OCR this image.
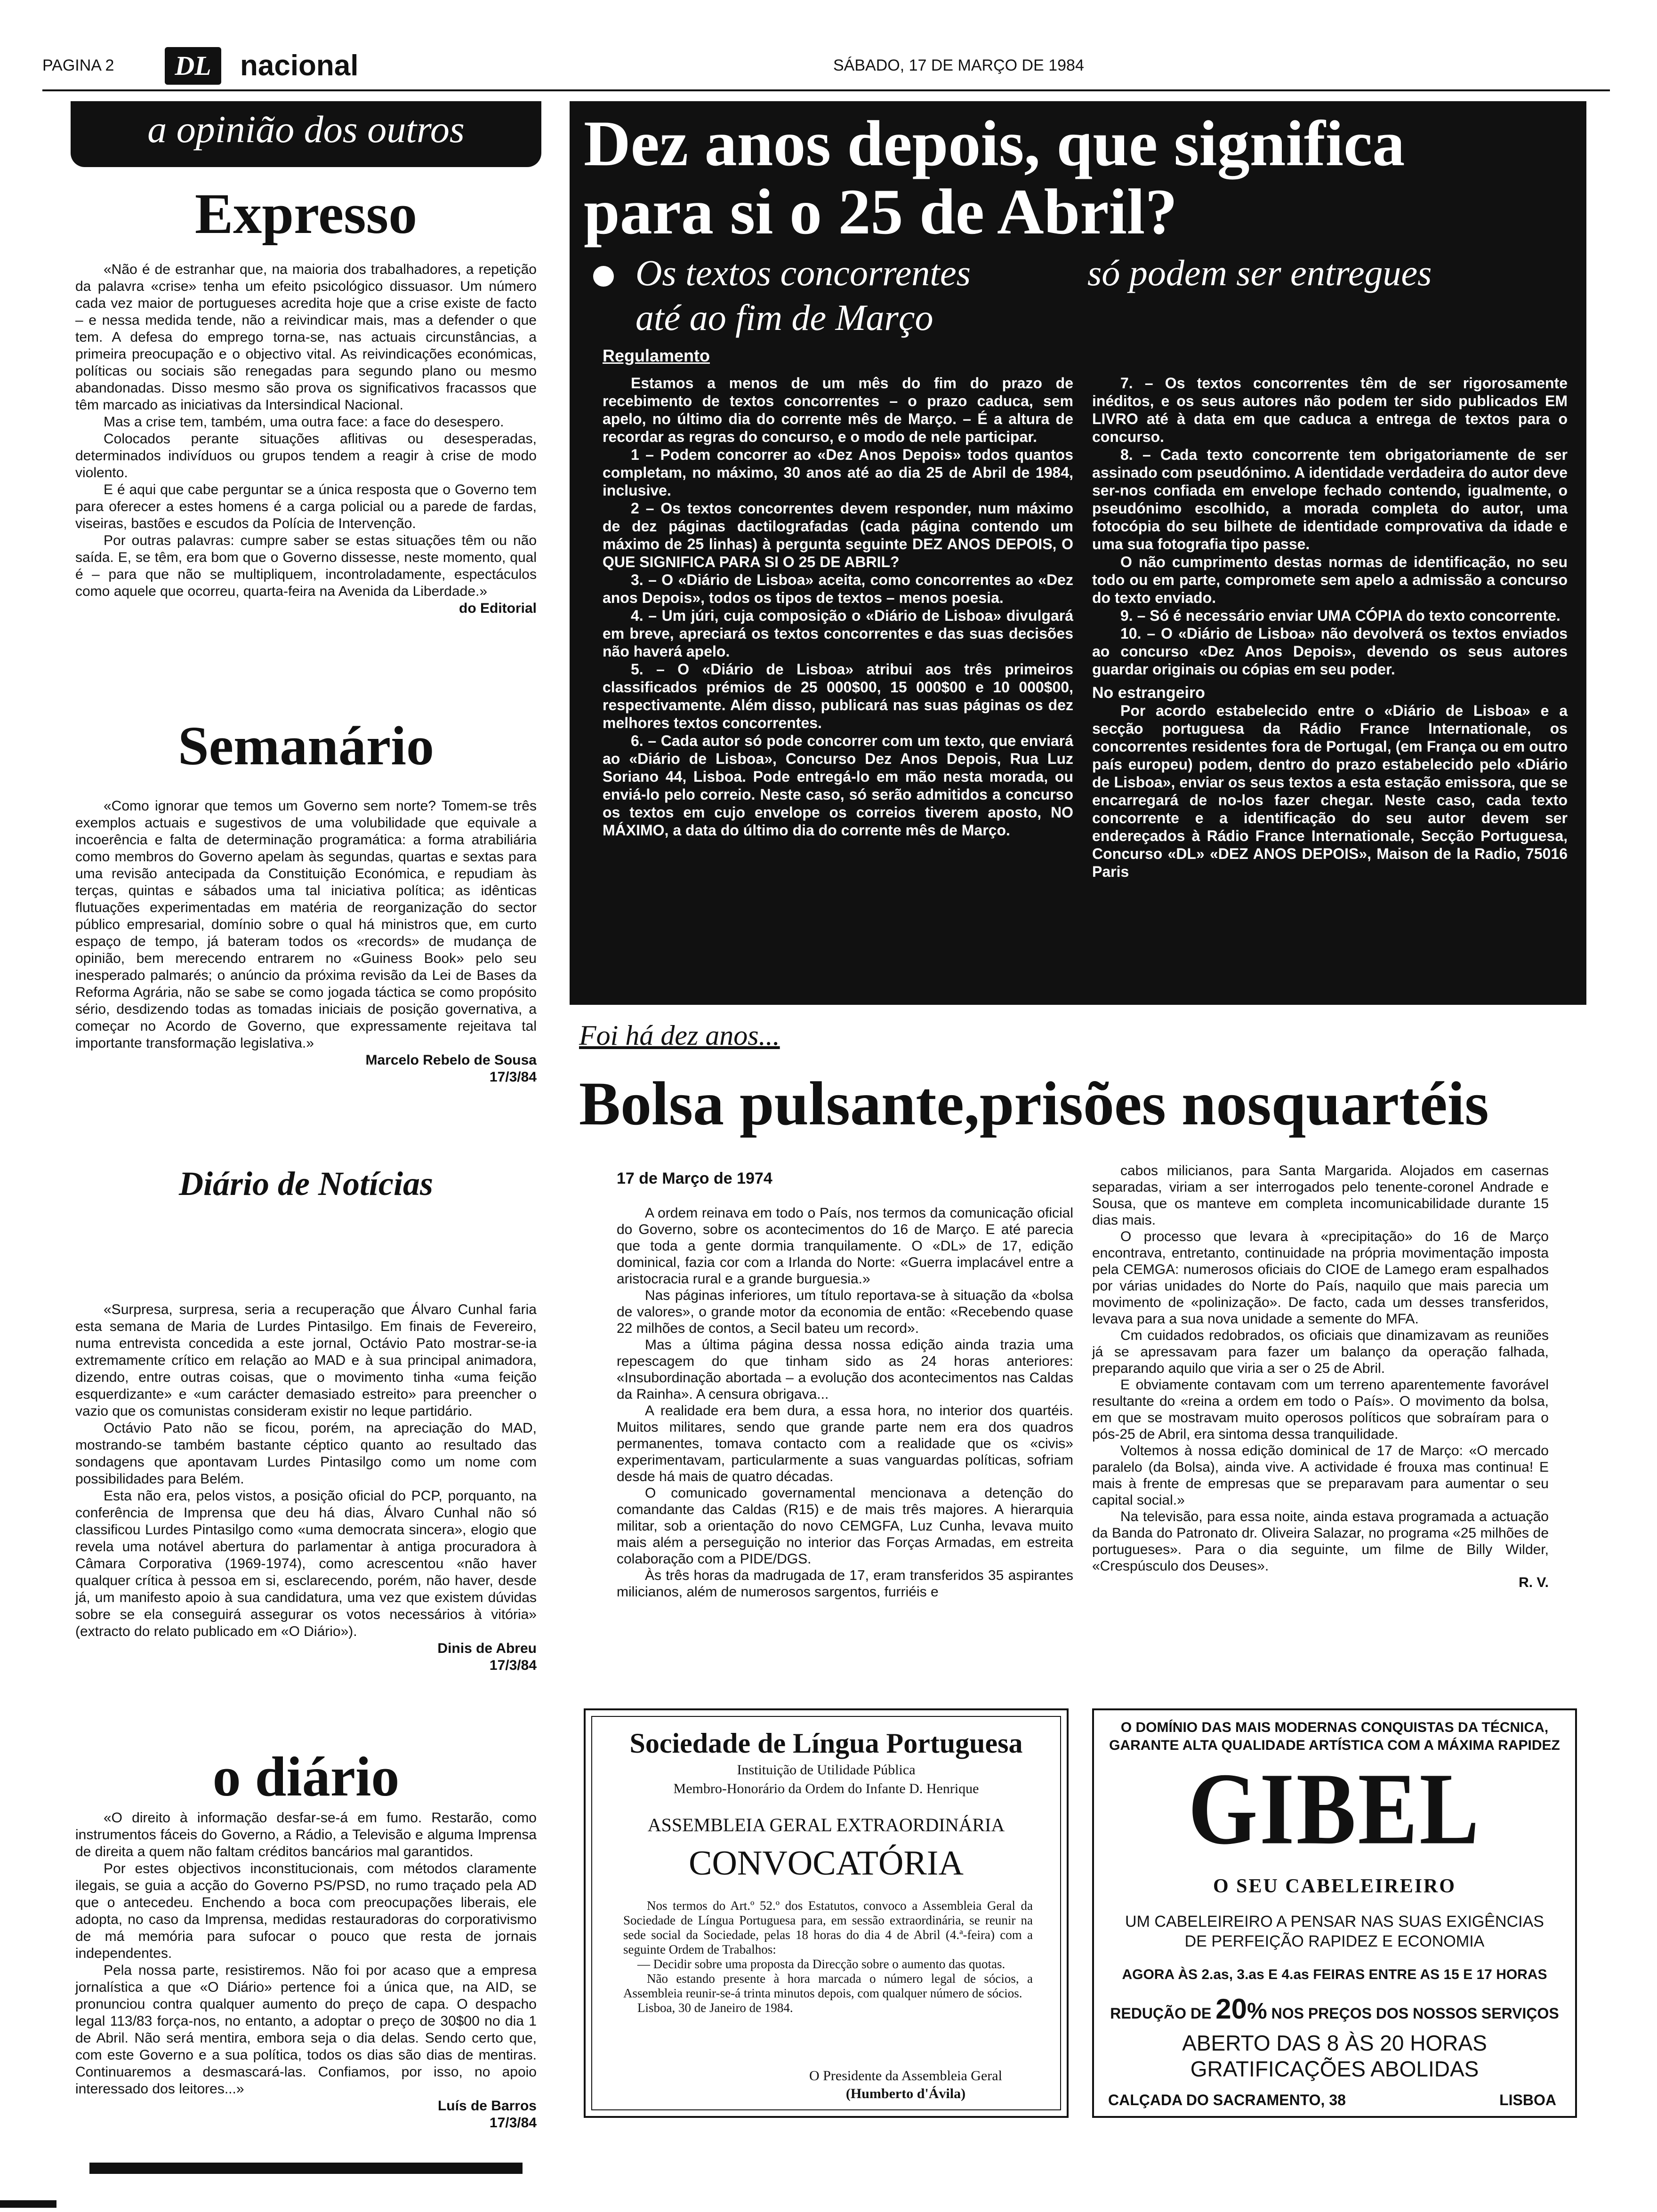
PAGINA 2	DL nacional	SÁBADO, 17 DE MARÇO DE 1984
a opinião dos outros
Expresso

«Não é de estranhar que, na maioria dos trabalhadores, a repetição da palavra «crise» tenha um efeito psicológico dissuasor. Um número cada vez maior de portugueses acredita hoje que a crise existe de facto – e nessa medida tende, não a reivindicar mais, mas a defender o que tem. A defesa do emprego torna-se, nas actuais circunstâncias, a primeira preocupação e o objectivo vital. As reivindicações económicas, políticas ou sociais são renegadas para segundo plano ou mesmo abandonadas. Disso mesmo são prova os significativos fracassos que têm marcado as iniciativas da Intersindical Nacional.

Mas a crise tem, também, uma outra face: a face do desespero.

Colocados perante situações aflitivas ou desesperadas, determinados indivíduos ou grupos tendem a reagir à crise de modo violento.

E é aqui que cabe perguntar se a única resposta que o Governo tem para oferecer a estes homens é a carga policial ou a parede de fardas, viseiras, bastões e escudos da Polícia de Intervenção.

Por outras palavras: cumpre saber se estas situações têm ou não saída. E, se têm, era bom que o Governo dissesse, neste momento, qual é – para que não se multipliquem, incontroladamente, espectáculos como aquele que ocorreu, quarta-feira na Avenida da Liberdade.»

do Editorial
Semanário

«Como ignorar que temos um Governo sem norte? Tomem-se três exemplos actuais e sugestivos de uma volubilidade que equivale a incoerência e falta de determinação programática: a forma atrabiliária como membros do Governo apelam às segundas, quartas e sextas para uma revisão antecipada da Constituição Económica, e repudiam às terças, quintas e sábados uma tal iniciativa política; as idênticas flutuações experimentadas em matéria de reorganização do sector público empresarial, domínio sobre o qual há ministros que, em curto espaço de tempo, já bateram todos os «records» de mudança de opinião, bem merecendo entrarem no «Guiness Book» pelo seu inesperado palmarés; o anúncio da próxima revisão da Lei de Bases da Reforma Agrária, não se sabe se como jogada táctica se como propósito sério, desdizendo todas as tomadas iniciais de posição governativa, a começar no Acordo de Governo, que expressamente rejeitava tal importante transformação legislativa.»

Marcelo Rebelo de Sousa
17/3/84
Diário de Notícias

«Surpresa, surpresa, seria a recuperação que Álvaro Cunhal faria esta semana de Maria de Lurdes Pintasilgo. Em finais de Fevereiro, numa entrevista concedida a este jornal, Octávio Pato mostrar-se-ia extremamente crítico em relação ao MAD e à sua principal animadora, dizendo, entre outras coisas, que o movimento tinha «uma feição esquerdizante» e «um carácter demasiado estreito» para preencher o vazio que os comunistas consideram existir no leque partidário.

Octávio Pato não se ficou, porém, na apreciação do MAD, mostrando-se também bastante céptico quanto ao resultado das sondagens que apontavam Lurdes Pintasilgo como um nome com possibilidades para Belém.

Esta não era, pelos vistos, a posição oficial do PCP, porquanto, na conferência de Imprensa que deu há dias, Álvaro Cunhal não só classificou Lurdes Pintasilgo como «uma democrata sincera», elogio que revela uma notável abertura do parlamentar à antiga procuradora à Câmara Corporativa (1969-1974), como acrescentou «não haver qualquer crítica à pessoa em si, esclarecendo, porém, não haver, desde já, um manifesto apoio à sua candidatura, uma vez que existem dúvidas sobre se ela conseguirá assegurar os votos necessários à vitória» (extracto do relato publicado em «O Diário»).

Dinis de Abreu
17/3/84
o diário

«O direito à informação desfar-se-á em fumo. Restarão, como instrumentos fáceis do Governo, a Rádio, a Televisão e alguma Imprensa de direita a quem não faltam créditos bancários mal garantidos.

Por estes objectivos inconstitucionais, com métodos claramente ilegais, se guia a acção do Governo PS/PSD, no rumo traçado pela AD que o antecedeu. Enchendo a boca com preocupações liberais, ele adopta, no caso da Imprensa, medidas restauradoras do corporativismo de má memória para sufocar o pouco que resta de jornais independentes.

Pela nossa parte, resistiremos. Não foi por acaso que a empresa jornalística a que «O Diário» pertence foi a única que, na AID, se pronunciou contra qualquer aumento do preço de capa. O despacho legal 113/83 força-nos, no entanto, a adoptar o preço de 30$00 no dia 1 de Abril. Não será mentira, embora seja o dia delas. Sendo certo que, com este Governo e a sua política, todos os dias são dias de mentiras. Continuaremos a desmascará-las. Confiamos, por isso, no apoio interessado dos leitores...»

Luís de Barros
17/3/84
Dez anos depois, que significa
para si o 25 de Abril?
Os textos concorrentes	só podem ser entregues
até ao fim de Março
Regulamento

Estamos a menos de um mês do fim do prazo de recebimento de textos concorrentes – o prazo caduca, sem apelo, no último dia do corrente mês de Março. – É a altura de recordar as regras do concurso, e o modo de nele participar.

1 – Podem concorrer ao «Dez Anos Depois» todos quantos completam, no máximo, 30 anos até ao dia 25 de Abril de 1984, inclusive.

2 – Os textos concorrentes devem responder, num máximo de dez páginas dactilografadas (cada página contendo um máximo de 25 linhas) à pergunta seguinte DEZ ANOS DEPOIS, O QUE SIGNIFICA PARA SI O 25 DE ABRIL?

3. – O «Diário de Lisboa» aceita, como concorrentes ao «Dez anos Depois», todos os tipos de textos – menos poesia.

4. – Um júri, cuja composição o «Diário de Lisboa» divulgará em breve, apreciará os textos concorrentes e das suas decisões não haverá apelo.

5. – O «Diário de Lisboa» atribui aos três primeiros classificados prémios de 25 000$00, 15 000$00 e 10 000$00, respectivamente. Além disso, publicará nas suas páginas os dez melhores textos concorrentes.

6. – Cada autor só pode concorrer com um texto, que enviará ao «Diário de Lisboa», Concurso Dez Anos Depois, Rua Luz Soriano 44, Lisboa. Pode entregá-lo em mão nesta morada, ou enviá-lo pelo correio. Neste caso, só serão admitidos a concurso os textos em cujo envelope os correios tiverem aposto, NO MÁXIMO, a data do último dia do corrente mês de Março.

7. – Os textos concorrentes têm de ser rigorosamente inéditos, e os seus autores não podem ter sido publicados EM LIVRO até à data em que caduca a entrega de textos para o concurso.

8. – Cada texto concorrente tem obrigatoriamente de ser assinado com pseudónimo. A identidade verdadeira do autor deve ser-nos confiada em envelope fechado contendo, igualmente, o pseudónimo escolhido, a morada completa do autor, uma fotocópia do seu bilhete de identidade comprovativa da idade e uma sua fotografia tipo passe.

O não cumprimento destas normas de identificação, no seu todo ou em parte, compromete sem apelo a admissão a concurso do texto enviado.

9. – Só é necessário enviar UMA CÓPIA do texto concorrente.

10. – O «Diário de Lisboa» não devolverá os textos enviados ao concurso «Dez Anos Depois», devendo os seus autores guardar originais ou cópias em seu poder.

No estrangeiro

Por acordo estabelecido entre o «Diário de Lisboa» e a secção portuguesa da Rádio France Internationale, os concorrentes residentes fora de Portugal, (em França ou em outro país europeu) podem, dentro do prazo estabelecido pelo «Diário de Lisboa», enviar os seus textos a esta estação emissora, que se encarregará de no-los fazer chegar. Neste caso, cada texto concorrente e a identificação do seu autor devem ser endereçados à Rádio France Internationale, Secção Portuguesa, Concurso «DL» «DEZ ANOS DEPOIS», Maison de la Radio, 75016 Paris

Foi há dez anos...
Bolsa pulsante,prisões nosquartéis
17 de Março de 1974

A ordem reinava em todo o País, nos termos da comunicação oficial do Governo, sobre os acontecimentos do 16 de Março. E até parecia que toda a gente dormia tranquilamente. O «DL» de 17, edição dominical, fazia cor com a Irlanda do Norte: «Guerra implacável entre a aristocracia rural e a grande burguesia.»

Nas páginas inferiores, um título reportava-se à situação da «bolsa de valores», o grande motor da economia de então: «Recebendo quase 22 milhões de contos, a Secil bateu um record».

Mas a última página dessa nossa edição ainda trazia uma repescagem do que tinham sido as 24 horas anteriores: «Insubordinação abortada – a evolução dos acontecimentos nas Caldas da Rainha». A censura obrigava...

A realidade era bem dura, a essa hora, no interior dos quartéis. Muitos militares, sendo que grande parte nem era dos quadros permanentes, tomava contacto com a realidade que os «civis» experimentavam, particularmente a suas vanguardas políticas, sofriam desde há mais de quatro décadas.

O comunicado governamental mencionava a detenção do comandante das Caldas (R15) e de mais três majores. A hierarquia militar, sob a orientação do novo CEMGFA, Luz Cunha, levava muito mais além a perseguição no interior das Forças Armadas, em estreita colaboração com a PIDE/DGS.

Às três horas da madrugada de 17, eram transferidos 35 aspirantes milicianos, além de numerosos sargentos, furriéis e

cabos milicianos, para Santa Margarida. Alojados em casernas separadas, viriam a ser interrogados pelo tenente-coronel Andrade e Sousa, que os manteve em completa incomunicabilidade durante 15 dias mais.

O processo que levara à «precipitação» do 16 de Março encontrava, entretanto, continuidade na própria movimentação imposta pela CEMGA: numerosos oficiais do CIOE de Lamego eram espalhados por várias unidades do Norte do País, naquilo que mais parecia um movimento de «polinização». De facto, cada um desses transferidos, levava para a sua nova unidade a semente do MFA.

Cm cuidados redobrados, os oficiais que dinamizavam as reuniões já se apressavam para fazer um balanço da operação falhada, preparando aquilo que viria a ser o 25 de Abril.

E obviamente contavam com um terreno aparentemente favorável resultante do «reina a ordem em todo o País». O movimento da bolsa, em que se mostravam muito operosos políticos que sobraíram para o pós-25 de Abril, era sintoma dessa tranquilidade.

Voltemos à nossa edição dominical de 17 de Março: «O mercado paralelo (da Bolsa), ainda vive. A actividade é frouxa mas continua! E mais à frente de empresas que se preparavam para aumentar o seu capital social.»

Na televisão, para essa noite, ainda estava programada a actuação da Banda do Patronato dr. Oliveira Salazar, no programa «25 milhões de portugueses». Para o dia seguinte, um filme de Billy Wilder, «Crespúsculo dos Deuses».

R. V.
Sociedade de Língua Portuguesa
Instituição de Utilidade Pública
Membro-Honorário da Ordem do Infante D. Henrique
ASSEMBLEIA GERAL EXTRAORDINÁRIA
CONVOCATÓRIA
Nos termos do Art.º 52.º dos Estatutos, convoco a Assembleia Geral da Sociedade de Língua Portuguesa para, em sessão extraordinária, se reunir na sede social da Sociedade, pelas 18 horas do dia 4 de Abril (4.ª-feira) com a seguinte Ordem de Trabalhos:
— Decidir sobre uma proposta da Direcção sobre o aumento das quotas.
Não estando presente à hora marcada o número legal de sócios, a Assembleia reunir-se-á trinta minutos depois, com qualquer número de sócios.
Lisboa, 30 de Janeiro de 1984.
O Presidente da Assembleia Geral
(Humberto d'Ávila)
O DOMÍNIO DAS MAIS MODERNAS CONQUISTAS DA TÉCNICA,
GARANTE ALTA QUALIDADE ARTÍSTICA COM A MÁXIMA RAPIDEZ
GIBEL
O SEU CABELEIREIRO
UM CABELEIREIRO A PENSAR NAS SUAS EXIGÊNCIAS
DE PERFEIÇÃO RAPIDEZ E ECONOMIA
AGORA ÀS 2.as, 3.as E 4.as FEIRAS ENTRE AS 15 E 17 HORAS
REDUÇÃO DE 20% NOS PREÇOS DOS NOSSOS SERVIÇOS
ABERTO DAS 8 ÀS 20 HORAS
GRATIFICAÇÕES ABOLIDAS
CALÇADA DO SACRAMENTO, 38	LISBOA
